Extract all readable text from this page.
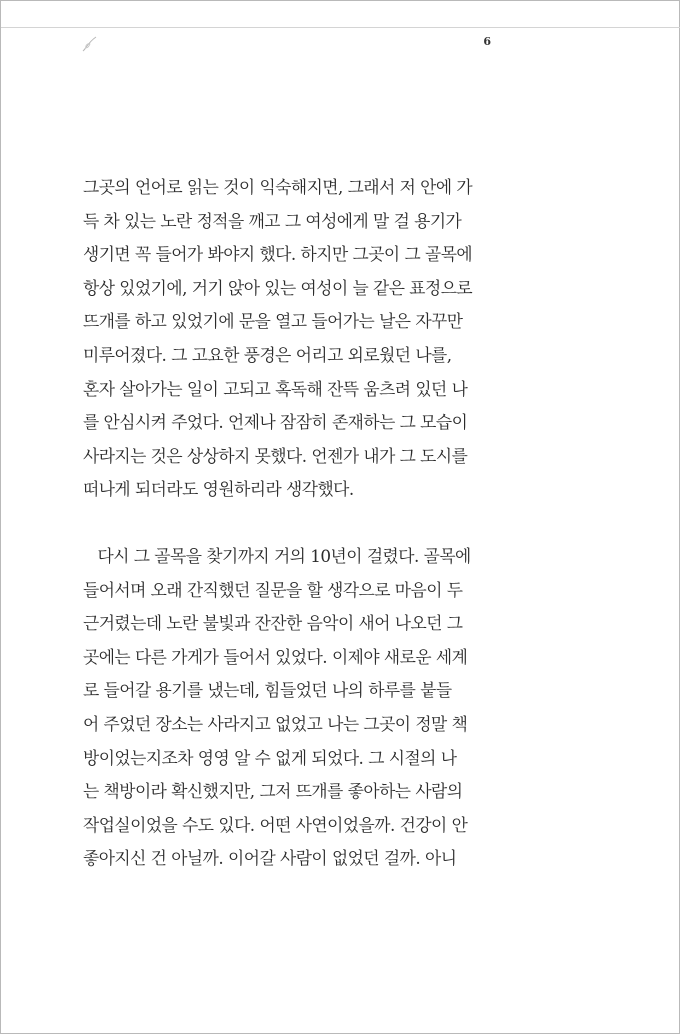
6

그곳의 언어로 읽는 것이 익숙해지면, 그래서 저 안에 가
득 차 있는 노란 정적을 깨고 그 여성에게 말 걸 용기가
생기면 꼭 들어가 봐야지 했다. 하지만 그곳이 그 골목에
항상 있었기에, 거기 앉아 있는 여성이 늘 같은 표정으로
뜨개를 하고 있었기에 문을 열고 들어가는 날은 자꾸만
미루어졌다. 그 고요한 풍경은 어리고 외로웠던 나를,
혼자 살아가는 일이 고되고 혹독해 잔뜩 움츠려 있던 나
를 안심시켜 주었다. 언제나 잠잠히 존재하는 그 모습이
사라지는 것은 상상하지 못했다. 언젠가 내가 그 도시를
떠나게 되더라도 영원하리라 생각했다.

다시 그 골목을 찾기까지 거의 10년이 걸렸다. 골목에
들어서며 오래 간직했던 질문을 할 생각으로 마음이 두
근거렸는데 노란 불빛과 잔잔한 음악이 새어 나오던 그
곳에는 다른 가게가 들어서 있었다. 이제야 새로운 세계
로 들어갈 용기를 냈는데, 힘들었던 나의 하루를 붙들
어 주었던 장소는 사라지고 없었고 나는 그곳이 정말 책
방이었는지조차 영영 알 수 없게 되었다. 그 시절의 나
는 책방이라 확신했지만, 그저 뜨개를 좋아하는 사람의
작업실이었을 수도 있다. 어떤 사연이었을까. 건강이 안
좋아지신 건 아닐까. 이어갈 사람이 없었던 걸까. 아니
